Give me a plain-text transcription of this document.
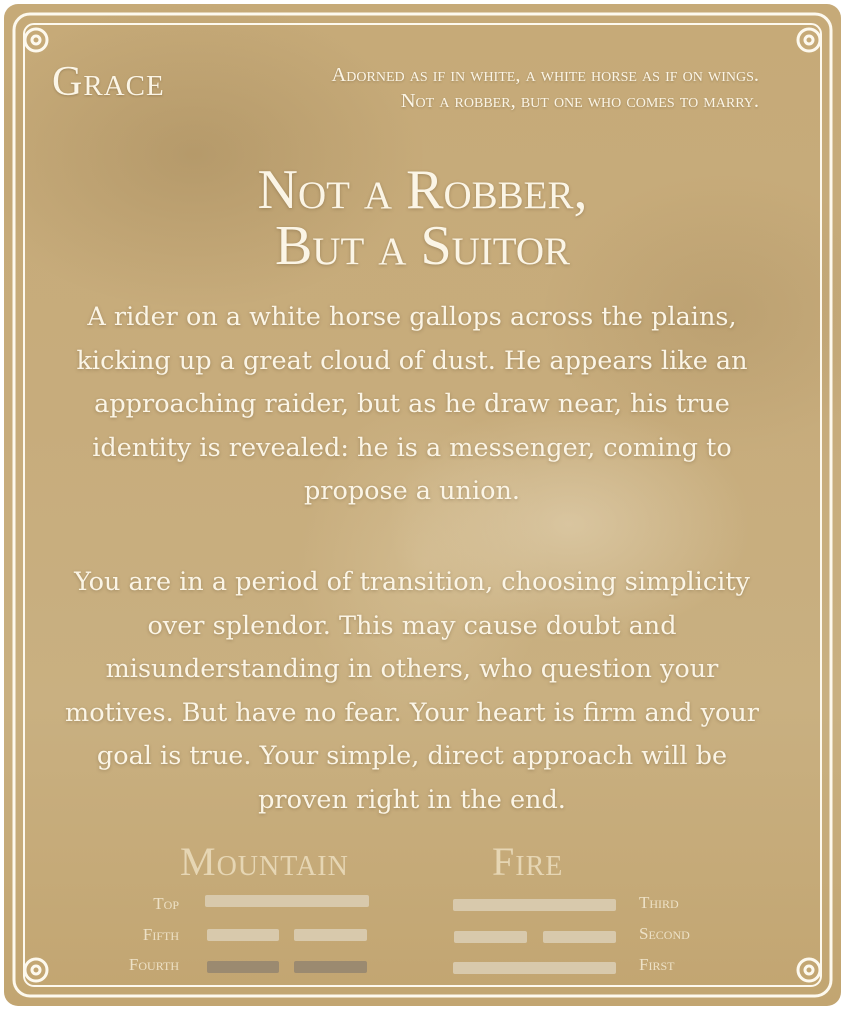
Grace	Adorned as if in white, a white horse as if on wings. Not a robber, but one who comes to marry.
Not a Robber,
But a Suitor
A rider on a white horse gallops across the plains, kicking up a great cloud of dust. He appears like an approaching raider, but as he draw near, his true identity is revealed: he is a messenger, coming to propose a union.
You are in a period of transition, choosing simplicity over splendor. This may cause doubt and misunderstanding in others, who question your motives. But have no fear. Your heart is firm and your goal is true. Your simple, direct approach will be proven right in the end.
Mountain
Top
Fifth
Fourth
Fire
Third
Second
First
